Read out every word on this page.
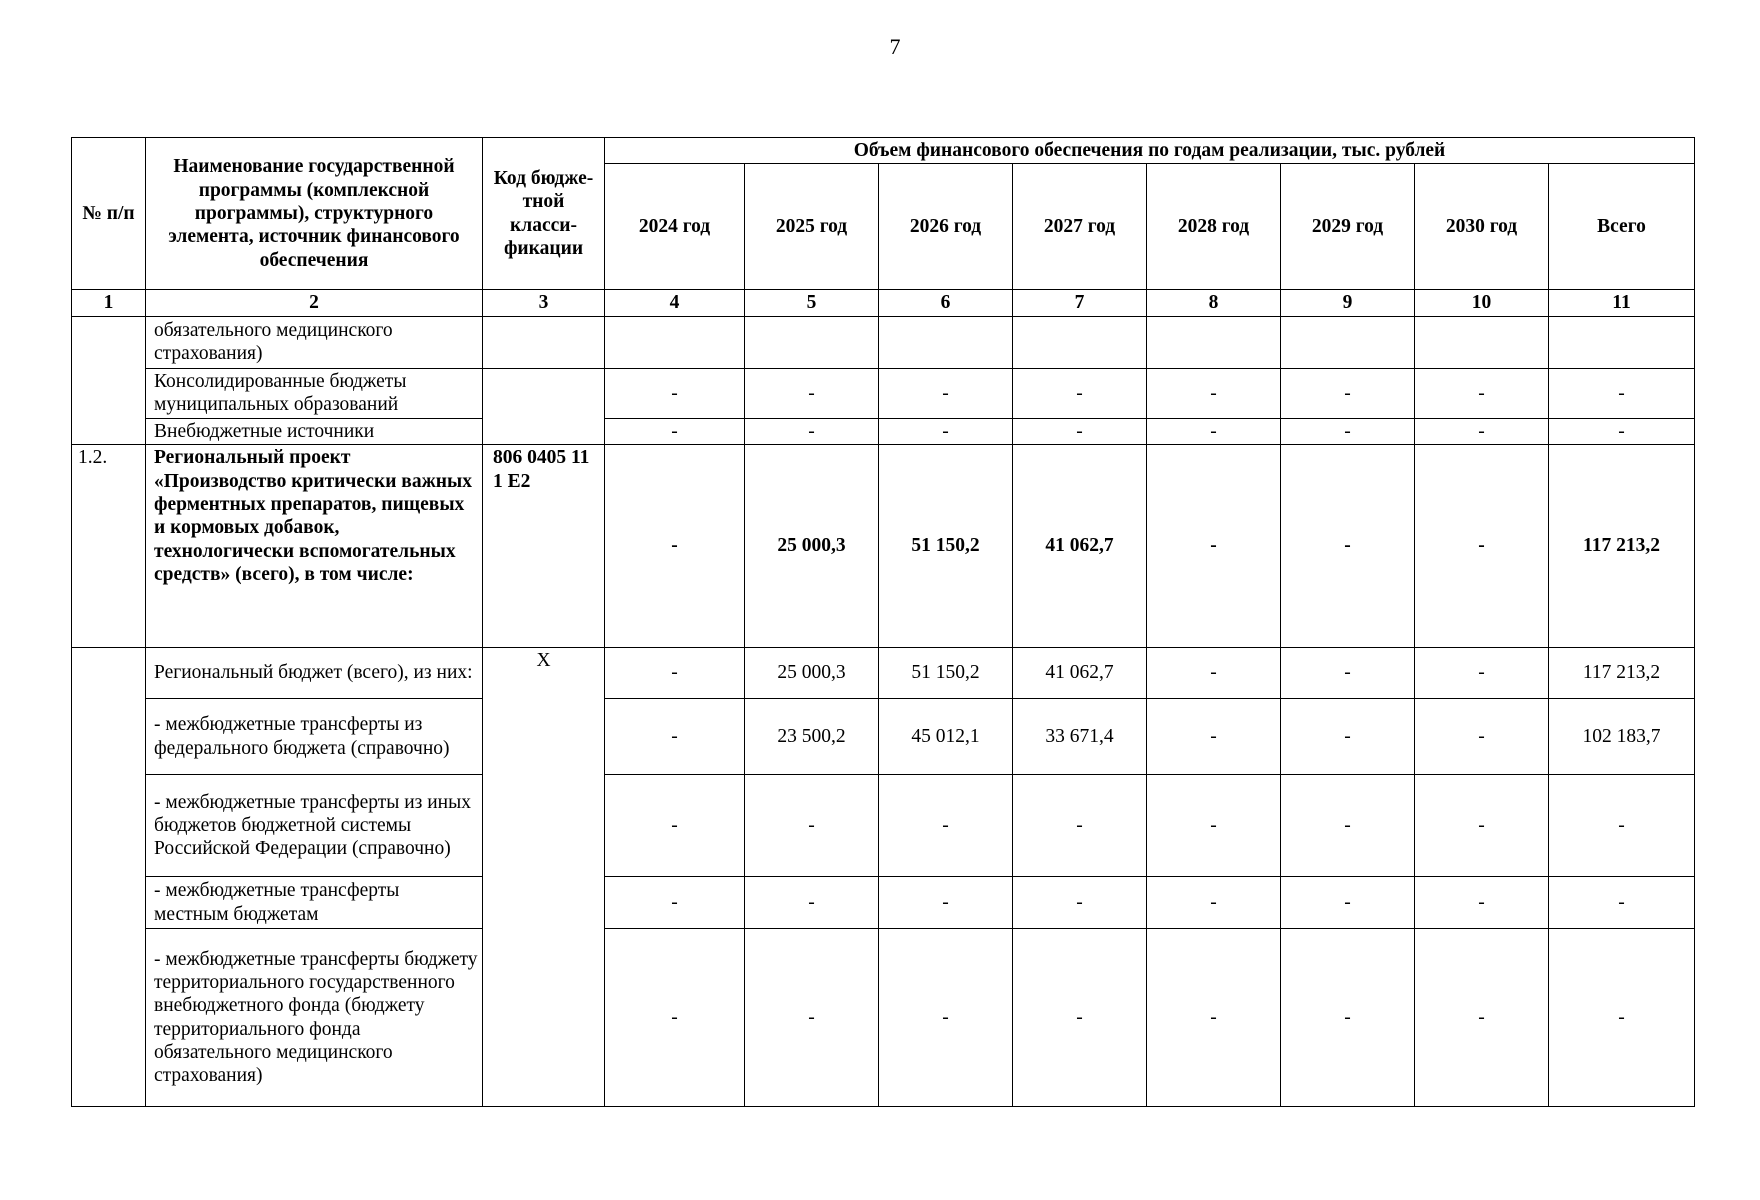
7
№ п/п	Наименование государственной программы (комплексной программы), структурного элемента, источник финансового обеспечения	Код бюдже-тной класси-фикации	Объем финансового обеспечения по годам реализации, тыс. рублей							
			2024 год	2025 год	2026 год	2027 год	2028 год	2029 год	2030 год	Всего
1	2	3	4	5	6	7	8	9	10	11
	обязательного медицинского страхования)									
	Консолидированные бюджеты муниципальных образований		-	-	-	-	-	-	-	-
	Внебюджетные источники		-	-	-	-	-	-	-	-
1.2.	Региональный проект «Производство критически важных ферментных препаратов, пищевых и кормовых добавок, технологически вспомогательных средств» (всего), в том числе:	806 0405 11 1 Е2	-	25 000,3	51 150,2	41 062,7	-	-	-	117 213,2
	Региональный бюджет (всего), из них:	X	-	25 000,3	51 150,2	41 062,7	-	-	-	117 213,2
	- межбюджетные трансферты из федерального бюджета (справочно)		-	23 500,2	45 012,1	33 671,4	-	-	-	102 183,7
	- межбюджетные трансферты из иных бюджетов бюджетной системы Российской Федерации (справочно)		-	-	-	-	-	-	-	-
	- межбюджетные трансферты местным бюджетам		-	-	-	-	-	-	-	-
	- межбюджетные трансферты бюджету территориального государственного внебюджетного фонда (бюджету территориального фонда обязательного медицинского страхования)		-	-	-	-	-	-	-	-
